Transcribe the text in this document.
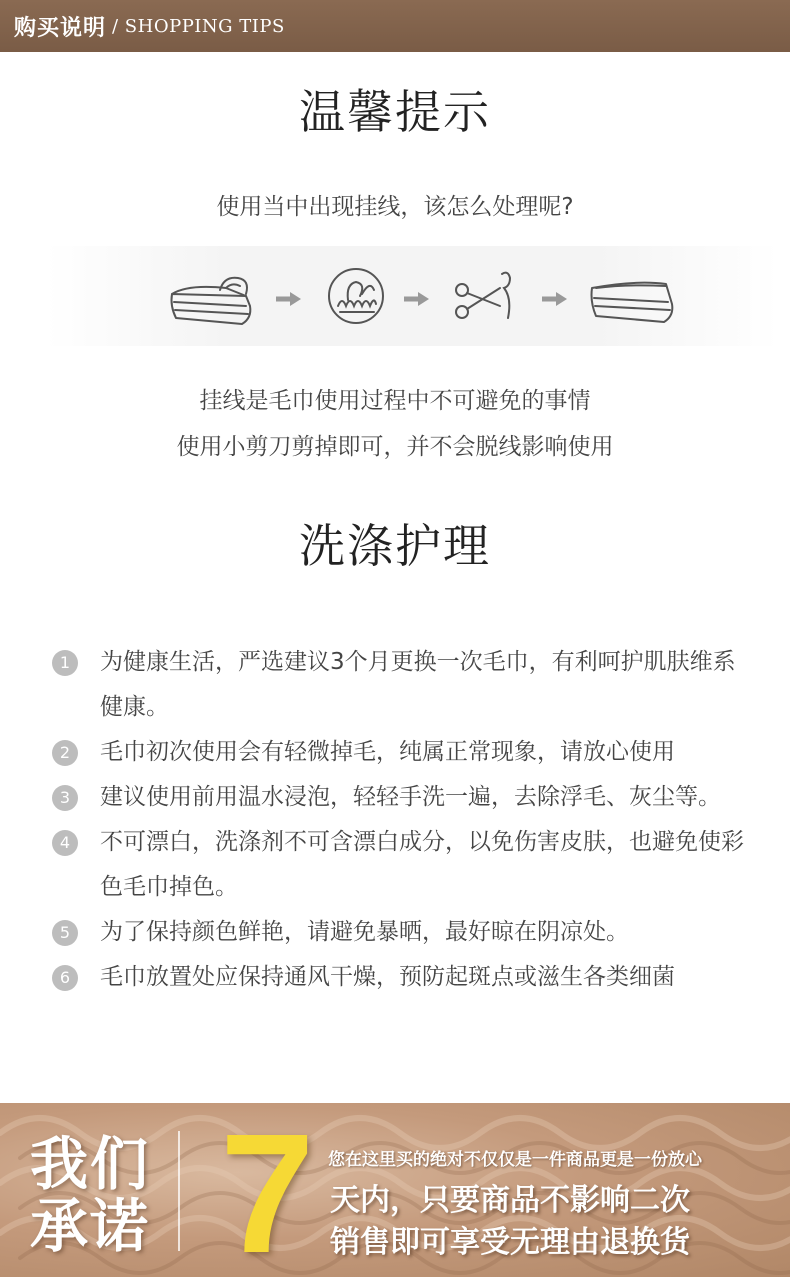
购买说明 / SHOPPING TIPS
温馨提示
使用当中出现挂线，该怎么处理呢?
挂线是毛巾使用过程中不可避免的事情
使用小剪刀剪掉即可，并不会脱线影响使用
洗涤护理
1	为健康生活，严选建议3个月更换一次毛巾，有利呵护肌肤维系健康。
2	毛巾初次使用会有轻微掉毛，纯属正常现象，请放心使用
3	建议使用前用温水浸泡，轻轻手洗一遍，去除浮毛、灰尘等。
4	不可漂白，洗涤剂不可含漂白成分，以免伤害皮肤，也避免使彩色毛巾掉色。
5	为了保持颜色鲜艳，请避免暴晒，最好晾在阴凉处。
6	毛巾放置处应保持通风干燥，预防起斑点或滋生各类细菌
我们
承诺 7 您在这里买的绝对不仅仅是一件商品更是一份放心
天内，只要商品不影响二次
销售即可享受无理由退换货
